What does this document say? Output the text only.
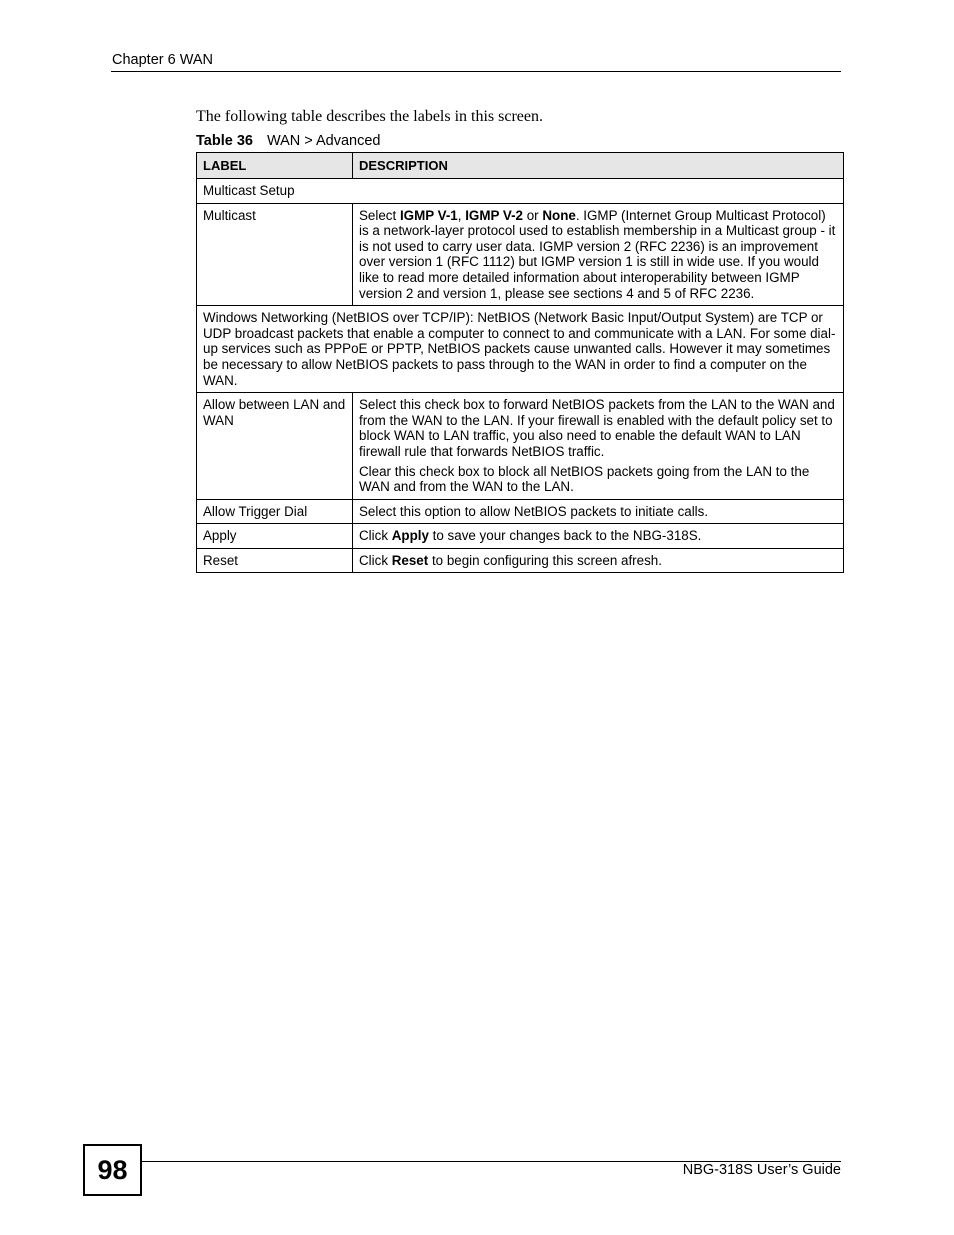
Chapter 6 WAN
The following table describes the labels in this screen.
Table 36 WAN > Advanced
LABEL	DESCRIPTION
Multicast Setup	
Multicast	Select IGMP V-1, IGMP V-2 or None. IGMP (Internet Group Multicast Protocol) is a network-layer protocol used to establish membership in a Multicast group - it is not used to carry user data. IGMP version 2 (RFC 2236) is an improvement over version 1 (RFC 1112) but IGMP version 1 is still in wide use. If you would like to read more detailed information about interoperability between IGMP version 2 and version 1, please see sections 4 and 5 of RFC 2236.
Windows Networking (NetBIOS over TCP/IP): NetBIOS (Network Basic Input/Output System) are TCP or UDP broadcast packets that enable a computer to connect to and communicate with a LAN. For some dial-up services such as PPPoE or PPTP, NetBIOS packets cause unwanted calls. However it may sometimes be necessary to allow NetBIOS packets to pass through to the WAN in order to find a computer on the WAN.	
Allow between LAN and WAN	Select this check box to forward NetBIOS packets from the LAN to the WAN and from the WAN to the LAN. If your firewall is enabled with the default policy set to block WAN to LAN traffic, you also need to enable the default WAN to LAN firewall rule that forwards NetBIOS traffic.
Clear this check box to block all NetBIOS packets going from the LAN to the WAN and from the WAN to the LAN.

Allow Trigger Dial	Select this option to allow NetBIOS packets to initiate calls.
Apply	Click Apply to save your changes back to the NBG-318S.
Reset	Click Reset to begin configuring this screen afresh.
98	NBG-318S User’s Guide
